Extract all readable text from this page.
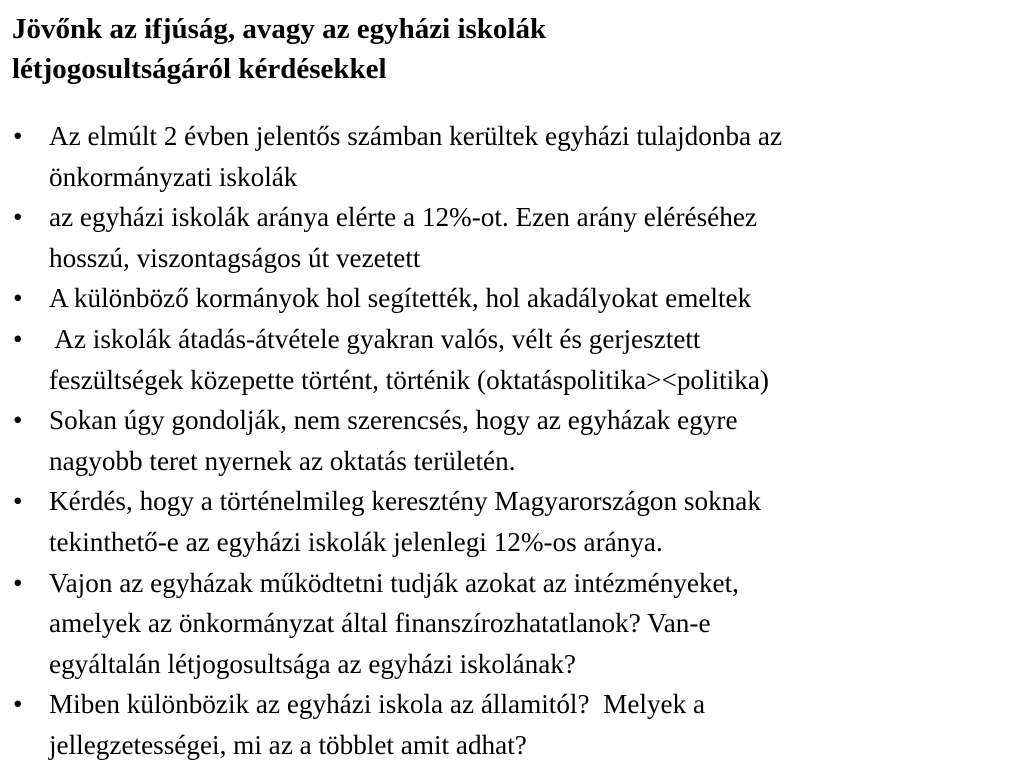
Jövőnk az ifjúság, avagy az egyházi iskolák
létjogosultságáról kérdésekkel
• Az elmúlt 2 évben jelentős számban kerültek egyházi tulajdonba az
önkormányzati iskolák
• az egyházi iskolák aránya elérte a 12%-ot. Ezen arány eléréséhez
hosszú, viszontagságos út vezetett
• A különböző kormányok hol segítették, hol akadályokat emeltek
• Az iskolák átadás-átvétele gyakran valós, vélt és gerjesztett
feszültségek közepette történt, történik (oktatáspolitika><politika)
• Sokan úgy gondolják, nem szerencsés, hogy az egyházak egyre
nagyobb teret nyernek az oktatás területén.
• Kérdés, hogy a történelmileg keresztény Magyarországon soknak
tekinthető-e az egyházi iskolák jelenlegi 12%-os aránya.
• Vajon az egyházak működtetni tudják azokat az intézményeket,
amelyek az önkormányzat által finanszírozhatatlanok? Van-e
egyáltalán létjogosultsága az egyházi iskolának?
• Miben különbözik az egyházi iskola az államitól?  Melyek a
jellegzetességei, mi az a többlet amit adhat?
